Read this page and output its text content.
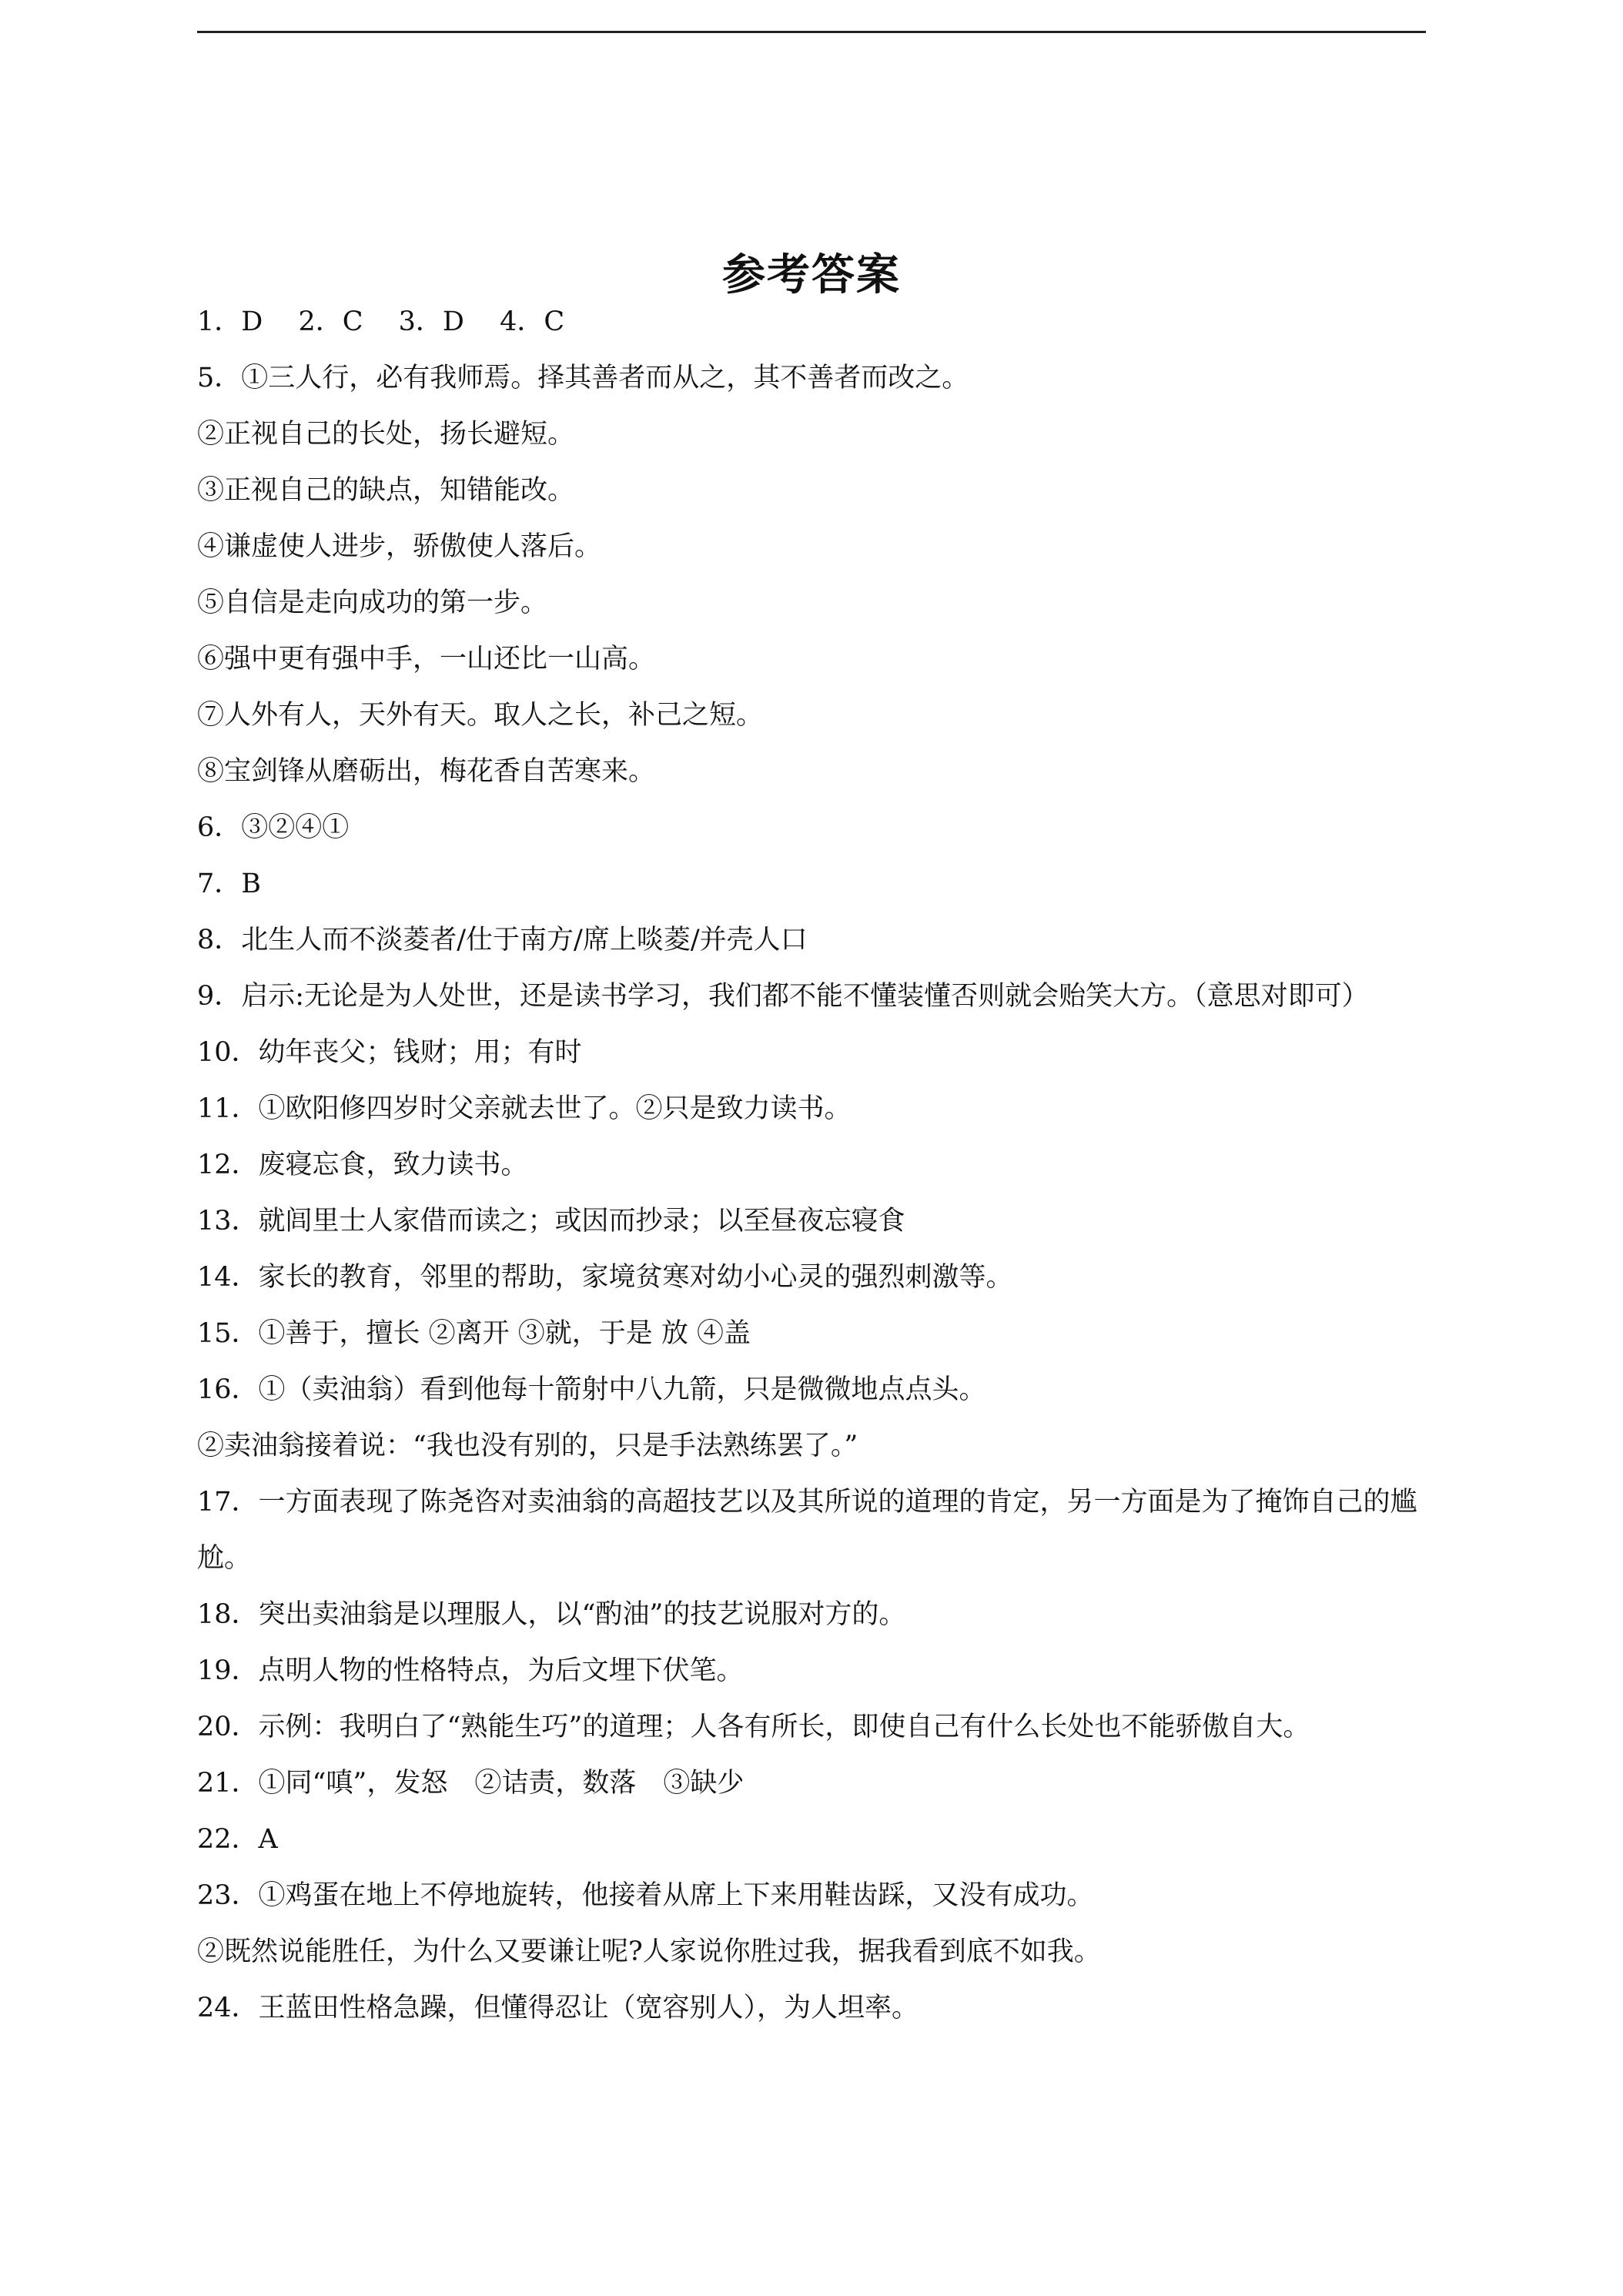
参考答案
1．D　 2．C　 3．D　 4．C
5．①三人行，必有我师焉。择其善者而从之，其不善者而改之。
②正视自己的长处，扬长避短。
③正视自己的缺点，知错能改。
④谦虚使人进步，骄傲使人落后。
⑤自信是走向成功的第一步。
⑥强中更有强中手，一山还比一山高。
⑦人外有人，天外有天。取人之长，补己之短。
⑧宝剑锋从磨砺出，梅花香自苦寒来。
6．③②④①
7．B
8．北生人而不淡菱者/仕于南方/席上啖菱/并壳人口
9．启示:无论是为人处世，还是读书学习，我们都不能不懂装懂否则就会贻笑大方。（意思对即可）
10．幼年丧父；钱财；用；有时
11．①欧阳修四岁时父亲就去世了。②只是致力读书。
12．废寝忘食，致力读书。
13．就闾里士人家借而读之；或因而抄录；以至昼夜忘寝食
14．家长的教育，邻里的帮助，家境贫寒对幼小心灵的强烈刺激等。
15．①善于，擅长 ②离开 ③就，于是 放 ④盖
16．①（卖油翁）看到他每十箭射中八九箭，只是微微地点点头。
②卖油翁接着说：“我也没有别的，只是手法熟练罢了。”
17．一方面表现了陈尧咨对卖油翁的高超技艺以及其所说的道理的肯定，另一方面是为了掩饰自己的尴尬。
18．突出卖油翁是以理服人，以“酌油”的技艺说服对方的。
19．点明人物的性格特点，为后文埋下伏笔。
20．示例：我明白了“熟能生巧”的道理；人各有所长，即使自己有什么长处也不能骄傲自大。
21．①同“嗔”，发怒　②诘责，数落　③缺少
22．A
23．①鸡蛋在地上不停地旋转，他接着从席上下来用鞋齿踩，又没有成功。
②既然说能胜任，为什么又要谦让呢?人家说你胜过我，据我看到底不如我。
24．王蓝田性格急躁，但懂得忍让（宽容别人），为人坦率。
